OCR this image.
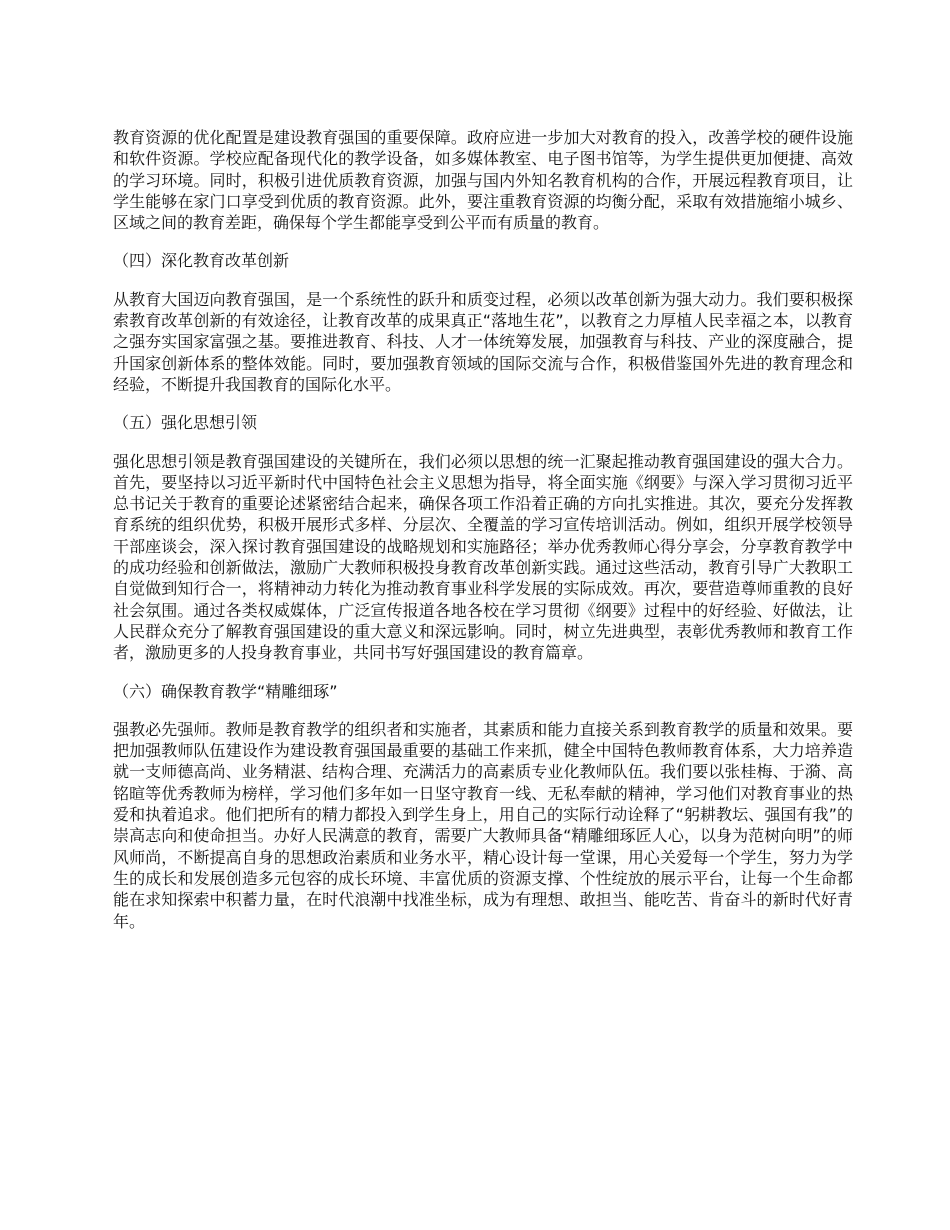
教育资源的优化配置是建设教育强国的重要保障。政府应进一步加大对教育的投入，改善学校的硬件设施和软件资源。学校应配备现代化的教学设备，如多媒体教室、电子图书馆等，为学生提供更加便捷、高效的学习环境。同时，积极引进优质教育资源，加强与国内外知名教育机构的合作，开展远程教育项目，让学生能够在家门口享受到优质的教育资源。此外，要注重教育资源的均衡分配，采取有效措施缩小城乡、区域之间的教育差距，确保每个学生都能享受到公平而有质量的教育。

（四）深化教育改革创新

从教育大国迈向教育强国，是一个系统性的跃升和质变过程，必须以改革创新为强大动力。我们要积极探索教育改革创新的有效途径，让教育改革的成果真正“落地生花”，以教育之力厚植人民幸福之本，以教育之强夯实国家富强之基。要推进教育、科技、人才一体统筹发展，加强教育与科技、产业的深度融合，提升国家创新体系的整体效能。同时，要加强教育领域的国际交流与合作，积极借鉴国外先进的教育理念和经验，不断提升我国教育的国际化水平。

（五）强化思想引领

强化思想引领是教育强国建设的关键所在，我们必须以思想的统一汇聚起推动教育强国建设的强大合力。首先，要坚持以习近平新时代中国特色社会主义思想为指导，将全面实施《纲要》与深入学习贯彻习近平总书记关于教育的重要论述紧密结合起来，确保各项工作沿着正确的方向扎实推进。其次，要充分发挥教育系统的组织优势，积极开展形式多样、分层次、全覆盖的学习宣传培训活动。例如，组织开展学校领导干部座谈会，深入探讨教育强国建设的战略规划和实施路径；举办优秀教师心得分享会，分享教育教学中的成功经验和创新做法，激励广大教师积极投身教育改革创新实践。通过这些活动，教育引导广大教职工自觉做到知行合一，将精神动力转化为推动教育事业科学发展的实际成效。再次，要营造尊师重教的良好社会氛围。通过各类权威媒体，广泛宣传报道各地各校在学习贯彻《纲要》过程中的好经验、好做法，让人民群众充分了解教育强国建设的重大意义和深远影响。同时，树立先进典型，表彰优秀教师和教育工作者，激励更多的人投身教育事业，共同书写好强国建设的教育篇章。

（六）确保教育教学“精雕细琢”

强教必先强师。教师是教育教学的组织者和实施者，其素质和能力直接关系到教育教学的质量和效果。要把加强教师队伍建设作为建设教育强国最重要的基础工作来抓，健全中国特色教师教育体系，大力培养造就一支师德高尚、业务精湛、结构合理、充满活力的高素质专业化教师队伍。我们要以张桂梅、于漪、高铭暄等优秀教师为榜样，学习他们多年如一日坚守教育一线、无私奉献的精神，学习他们对教育事业的热爱和执着追求。他们把所有的精力都投入到学生身上，用自己的实际行动诠释了“躬耕教坛、强国有我”的崇高志向和使命担当。办好人民满意的教育，需要广大教师具备“精雕细琢匠人心，以身为范树向明”的师风师尚，不断提高自身的思想政治素质和业务水平，精心设计每一堂课，用心关爱每一个学生，努力为学生的成长和发展创造多元包容的成长环境、丰富优质的资源支撑、个性绽放的展示平台，让每一个生命都能在求知探索中积蓄力量，在时代浪潮中找准坐标，成为有理想、敢担当、能吃苦、肯奋斗的新时代好青年。
